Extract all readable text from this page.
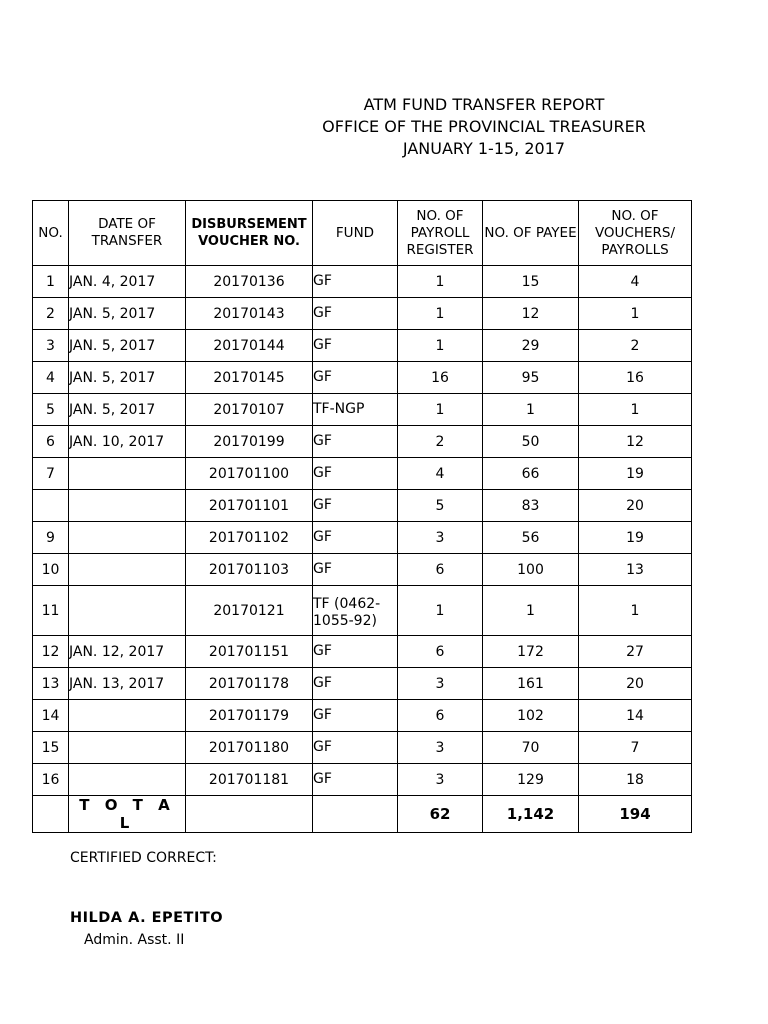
ATM FUND TRANSFER REPORT
OFFICE OF THE PROVINCIAL TREASURER
JANUARY 1-15, 2017
NO.	DATE OF TRANSFER	DISBURSEMENT VOUCHER NO.	FUND	NO. OF PAYROLL REGISTER	NO. OF PAYEE	NO. OF VOUCHERS/ PAYROLLS
1	JAN. 4, 2017	20170136	GF	1	15	4
2	JAN. 5, 2017	20170143	GF	1	12	1
3	JAN. 5, 2017	20170144	GF	1	29	2
4	JAN. 5, 2017	20170145	GF	16	95	16
5	JAN. 5, 2017	20170107	TF-NGP	1	1	1
6	JAN. 10, 2017	20170199	GF	2	50	12
7		201701100	GF	4	66	19
		201701101	GF	5	83	20
9		201701102	GF	3	56	19
10		201701103	GF	6	100	13
11		20170121	TF (0462-1055-92)	1	1	1
12	JAN. 12, 2017	201701151	GF	6	172	27
13	JAN. 13, 2017	201701178	GF	3	161	20
14		201701179	GF	6	102	14
15		201701180	GF	3	70	7
16		201701181	GF	3	129	18
	T O T A L			62	1,142	194
CERTIFIED CORRECT:
HILDA A. EPETITO
Admin. Asst. II
